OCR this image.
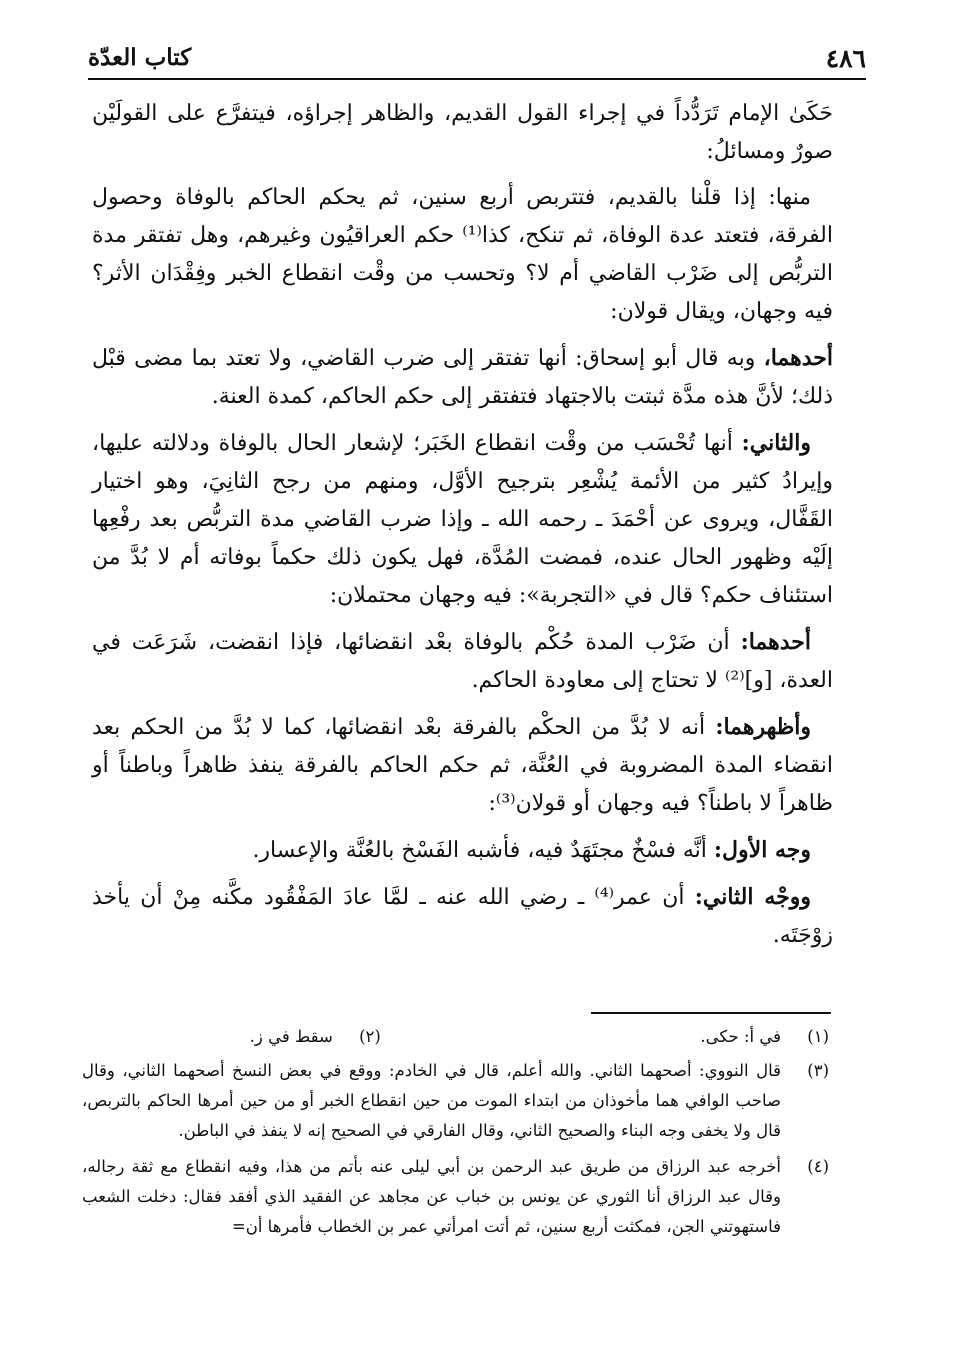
٤٨٦
كتاب العدّة

حَكَىٰ الإمام تَرَدُّداً في إجراء القول القديم، والظاهر إجراؤه، فيتفرَّع على القولَيْن صورٌ ومسائلُ:

منها: إذا قلْنا بالقديم، فتتربص أربع سنين، ثم يحكم الحاكم بالوفاة وحصول الفرقة، فتعتد عدة الوفاة، ثم تنكح، كذا⁽¹⁾ حكم العراقيُون وغيرهم، وهل تفتقر مدة التربُّص إلى ضَرْب القاضي أم لا؟ وتحسب من وقْت انقطاع الخبر وفِقْدَان الأثر؟ فيه وجهان، ويقال قولان:

أحدهما، وبه قال أبو إسحاق: أنها تفتقر إلى ضرب القاضي، ولا تعتد بما مضى قبْل ذلك؛ لأنَّ هذه مدَّة ثبتت بالاجتهاد فتفتقر إلى حكم الحاكم، كمدة العنة.

والثاني: أنها تُحْسَب من وقْت انقطاع الخَبَر؛ لإشعار الحال بالوفاة ودلالته عليها، وإيرادُ كثير من الأئمة يُشْعِر بترجيح الأوَّل، ومنهم من رجح الثانِيَ، وهو اختيار القَفَّال، ويروى عن أحْمَدَ ـ رحمه الله ـ وإذا ضرب القاضي مدة التربُّص بعد رفْعِها إلَيْه وظهور الحال عنده، فمضت المُدَّة، فهل يكون ذلك حكماً بوفاته أم لا بُدَّ من استئناف حكم؟ قال في «التجربة»: فيه وجهان محتملان:

أحدهما: أن ضَرْب المدة حُكْم بالوفاة بعْد انقضائها، فإذا انقضت، شَرَعَت في العدة، [و]⁽²⁾ لا تحتاج إلى معاودة الحاكم.

وأظهرهما: أنه لا بُدَّ من الحكْم بالفرقة بعْد انقضائها، كما لا بُدَّ من الحكم بعد انقضاء المدة المضروبة في العُنَّة، ثم حكم الحاكم بالفرقة ينفذ ظاهراً وباطناً أو ظاهراً لا باطناً؟ فيه وجهان أو قولان⁽³⁾:

وجه الأول: أنَّه فسْخٌ مجتَهَدٌ فيه، فأشبه الفَسْخ بالعُنَّة والإعسار.

ووجْه الثاني: أن عمر⁽⁴⁾ ـ رضي الله عنه ـ لمَّا عادَ المَفْقُود مكَّنه مِنْ أن يأخذ زوْجَتَه.

(١)
في أ: حكى.
(٢)
سقط في ز.
(٣)
قال النووي: أصحهما الثاني. والله أعلم، قال في الخادم: ووقع في بعض النسخ أصحهما الثاني، وقال صاحب الوافي هما مأخوذان من ابتداء الموت من حين انقطاع الخبر أو من حين أمرها الحاكم بالتربص، قال ولا يخفى وجه البناء والصحيح الثاني، وقال الفارقي في الصحيح إنه لا ينفذ في الباطن.
(٤)
أخرجه عبد الرزاق من طريق عبد الرحمن بن أبي ليلى عنه بأتم من هذا، وفيه انقطاع مع ثقة رجاله، وقال عبد الرزاق أنا الثوري عن يونس بن خباب عن مجاهد عن الفقيد الذي أفقد فقال: دخلت الشعب فاستهوتني الجن، فمكثت أربع سنين، ثم أتت امرأتي عمر بن الخطاب فأمرها أن=
